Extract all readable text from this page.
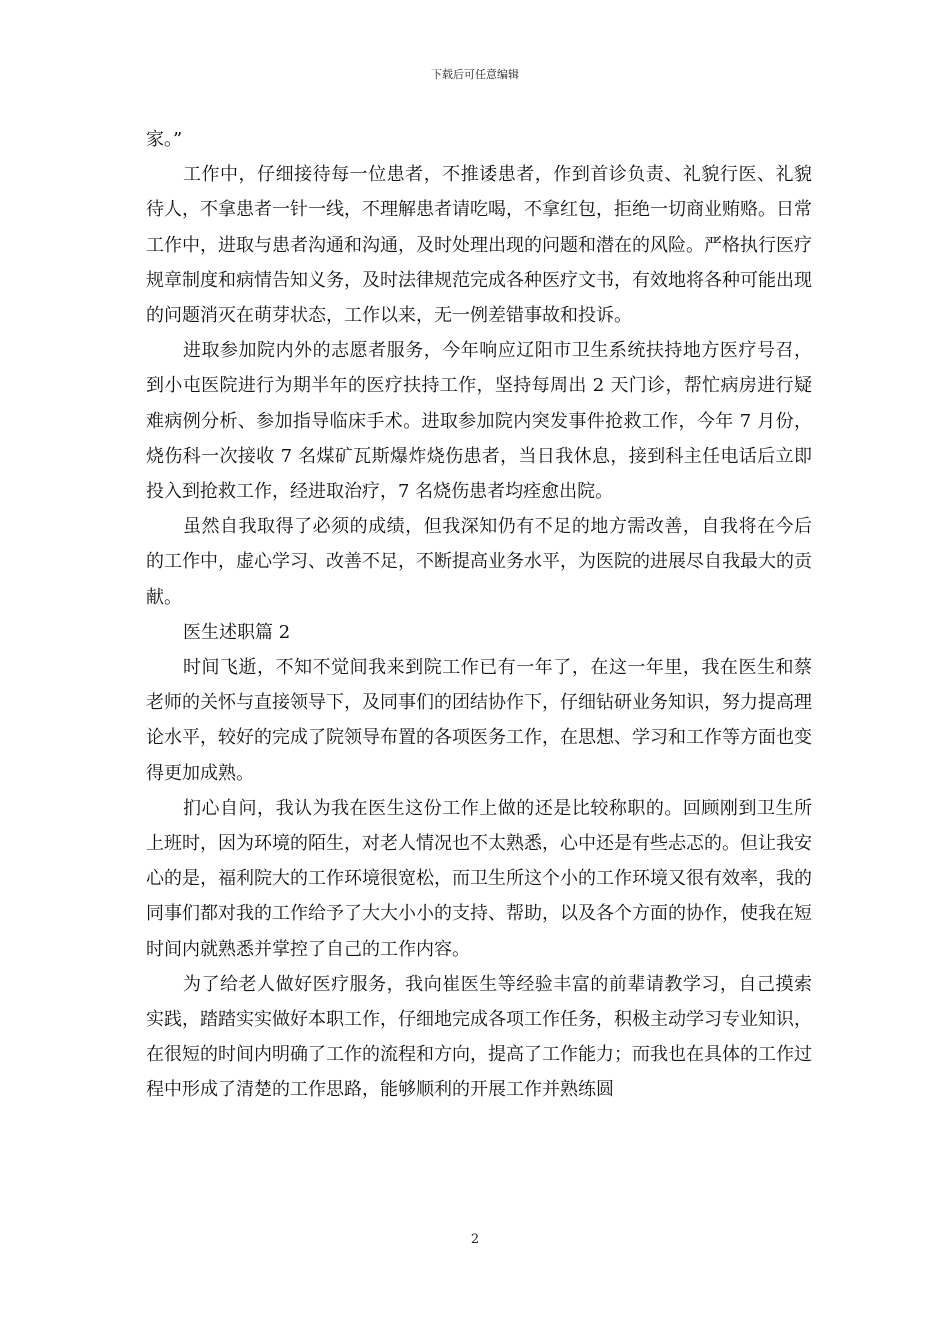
下载后可任意编辑

家。”

工作中，仔细接待每一位患者，不推诿患者，作到首诊负责、礼貌行医、礼貌待人，不拿患者一针一线，不理解患者请吃喝，不拿红包，拒绝一切商业贿赂。日常工作中，进取与患者沟通和沟通，及时处理出现的问题和潜在的风险。严格执行医疗规章制度和病情告知义务，及时法律规范完成各种医疗文书，有效地将各种可能出现的问题消灭在萌芽状态，工作以来，无一例差错事故和投诉。

进取参加院内外的志愿者服务，今年响应辽阳市卫生系统扶持地方医疗号召，到小屯医院进行为期半年的医疗扶持工作，坚持每周出 2 天门诊，帮忙病房进行疑难病例分析、参加指导临床手术。进取参加院内突发事件抢救工作，今年 7 月份，烧伤科一次接收 7 名煤矿瓦斯爆炸烧伤患者，当日我休息，接到科主任电话后立即投入到抢救工作，经进取治疗，7 名烧伤患者均痊愈出院。

虽然自我取得了必须的成绩，但我深知仍有不足的地方需改善，自我将在今后的工作中，虚心学习、改善不足，不断提高业务水平，为医院的进展尽自我最大的贡献。

医生述职篇 2

时间飞逝，不知不觉间我来到院工作已有一年了，在这一年里，我在医生和蔡老师的关怀与直接领导下，及同事们的团结协作下，仔细钻研业务知识，努力提高理论水平，较好的完成了院领导布置的各项医务工作，在思想、学习和工作等方面也变得更加成熟。

扪心自问，我认为我在医生这份工作上做的还是比较称职的。回顾刚到卫生所上班时，因为环境的陌生，对老人情况也不太熟悉，心中还是有些忐忑的。但让我安心的是，福利院大的工作环境很宽松，而卫生所这个小的工作环境又很有效率，我的同事们都对我的工作给予了大大小小的支持、帮助，以及各个方面的协作，使我在短时间内就熟悉并掌控了自己的工作内容。

为了给老人做好医疗服务，我向崔医生等经验丰富的前辈请教学习，自己摸索实践，踏踏实实做好本职工作，仔细地完成各项工作任务，积极主动学习专业知识，在很短的时间内明确了工作的流程和方向，提高了工作能力；而我也在具体的工作过程中形成了清楚的工作思路，能够顺利的开展工作并熟练圆

2
